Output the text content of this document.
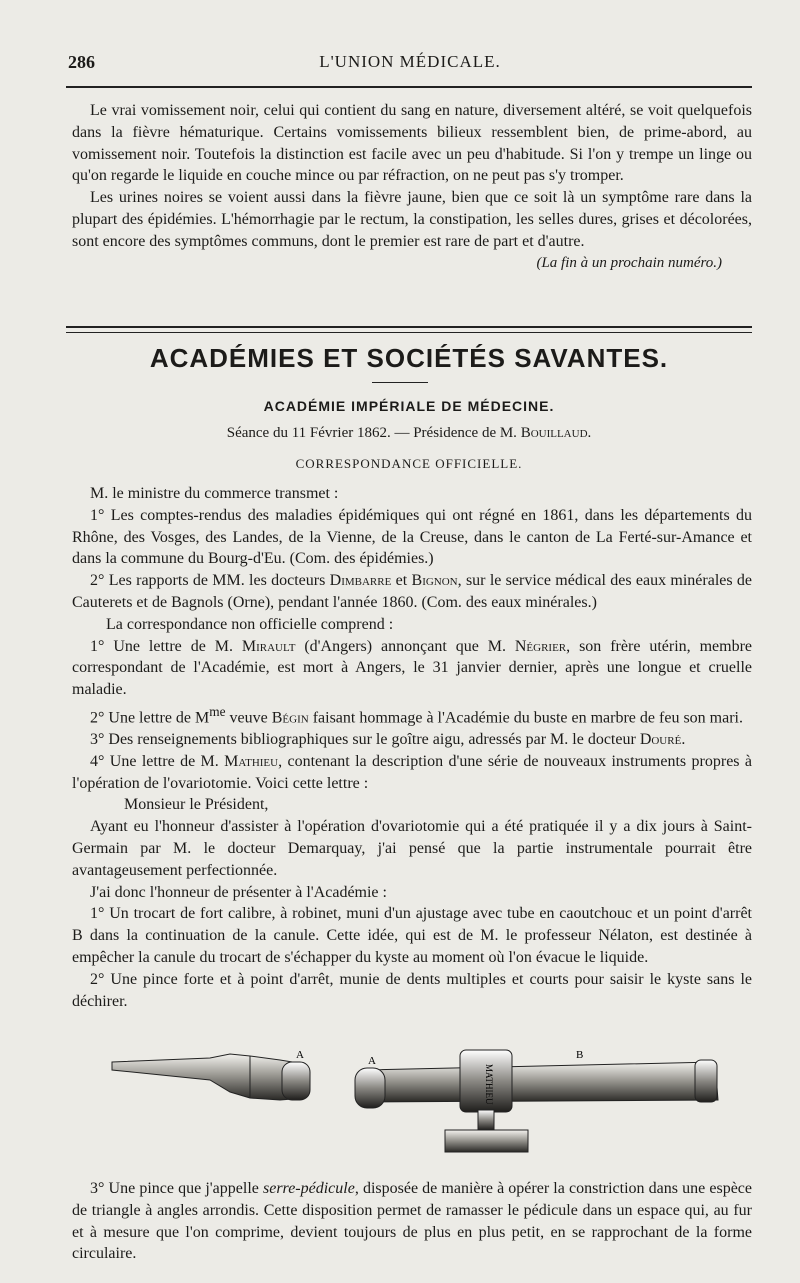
286	L'UNION MÉDICALE.

Le vrai vomissement noir, celui qui contient du sang en nature, diversement altéré, se voit quelquefois dans la fièvre hématurique. Certains vomissements bilieux ressemblent bien, de prime-abord, au vomissement noir. Toutefois la distinction est facile avec un peu d'habitude. Si l'on y trempe un linge ou qu'on regarde le liquide en couche mince ou par réfraction, on ne peut pas s'y tromper.

Les urines noires se voient aussi dans la fièvre jaune, bien que ce soit là un symptôme rare dans la plupart des épidémies. L'hémorrhagie par le rectum, la constipation, les selles dures, grises et décolorées, sont encore des symptômes communs, dont le premier est rare de part et d'autre.

(La fin à un prochain numéro.)

ACADÉMIES ET SOCIÉTÉS SAVANTES.
ACADÉMIE IMPÉRIALE DE MÉDECINE.
Séance du 11 Février 1862. — Présidence de M. Bouillaud.
CORRESPONDANCE OFFICIELLE.

M. le ministre du commerce transmet :

1° Les comptes-rendus des maladies épidémiques qui ont régné en 1861, dans les départements du Rhône, des Vosges, des Landes, de la Vienne, de la Creuse, dans le canton de La Ferté-sur-Amance et dans la commune du Bourg-d'Eu. (Com. des épidémies.)

2° Les rapports de MM. les docteurs Dimbarre et Bignon, sur le service médical des eaux minérales de Cauterets et de Bagnols (Orne), pendant l'année 1860. (Com. des eaux minérales.)

La correspondance non officielle comprend :

1° Une lettre de M. Mirault (d'Angers) annonçant que M. Négrier, son frère utérin, membre correspondant de l'Académie, est mort à Angers, le 31 janvier dernier, après une longue et cruelle maladie.

2° Une lettre de $M^{me}$ veuve Bégin faisant hommage à l'Académie du buste en marbre de feu son mari.

3° Des renseignements bibliographiques sur le goître aigu, adressés par M. le docteur Douré.

4° Une lettre de M. Mathieu, contenant la description d'une série de nouveaux instruments propres à l'opération de l'ovariotomie. Voici cette lettre :

Monsieur le Président,

Ayant eu l'honneur d'assister à l'opération d'ovariotomie qui a été pratiquée il y a dix jours à Saint-Germain par M. le docteur Demarquay, j'ai pensé que la partie instrumentale pourrait être avantageusement perfectionnée.

J'ai donc l'honneur de présenter à l'Académie :

1° Un trocart de fort calibre, à robinet, muni d'un ajustage avec tube en caoutchouc et un point d'arrêt B dans la continuation de la canule. Cette idée, qui est de M. le professeur Nélaton, est destinée à empêcher la canule du trocart de s'échapper du kyste au moment où l'on évacue le liquide.

2° Une pince forte et à point d'arrêt, munie de dents multiples et courts pour saisir le kyste sans le déchirer.

A
MATHIEU
A	B

3° Une pince que j'appelle serre-pédicule, disposée de manière à opérer la constriction dans une espèce de triangle à angles arrondis. Cette disposition permet de ramasser le pédicule dans un espace qui, au fur et à mesure que l'on comprime, devient toujours de plus en plus petit, en se rapprochant de la forme circulaire.
